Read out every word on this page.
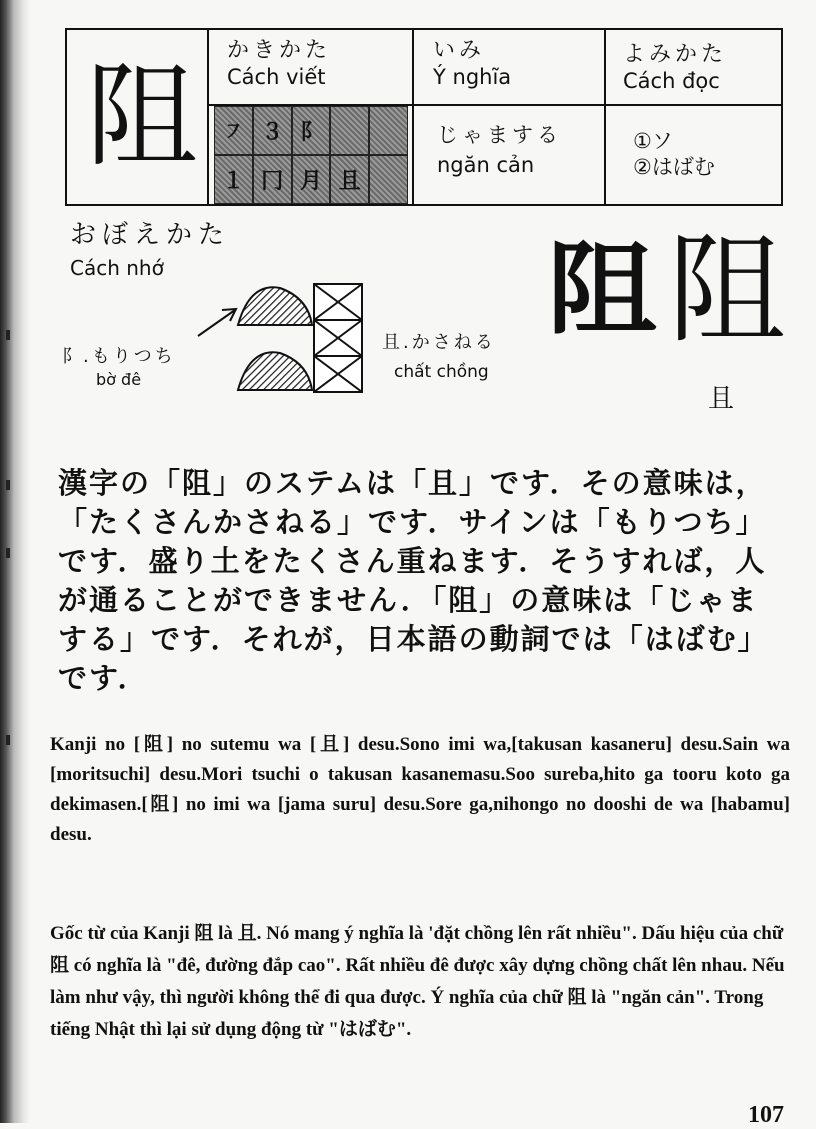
阻
かきかた
Cách viết
いみ
Ý nghĩa
よみかた
Cách đọc
㇇ ３ 阝
１ 冂 月 且
じゃまする
ngăn cản
①ソ
②はばむ
おぼえかた
Cách nhớ
阝.もりつち
bờ đê
且.かさねる
chất chồng
阻 阻
且
漢字の「阻」のステムは「且」です．その意味は，「たくさんかさねる」です．サインは「もりつち」です．盛り土をたくさん重ねます．そうすれば，人が通ることができません．「阻」の意味は「じゃまする」です．それが，日本語の動詞では「はばむ」です．
Kanji no [阻] no sutemu wa [且] desu.Sono imi wa,[takusan kasaneru] desu.Sain wa [moritsuchi] desu.Mori tsuchi o takusan kasanemasu.Soo sureba,hito ga tooru koto ga dekimasen.[阻] no imi wa [jama suru] desu.Sore ga,nihongo no dooshi de wa [habamu] desu.
Gốc từ của Kanji 阻 là 且. Nó mang ý nghĩa là 'đặt chồng lên rất nhiều". Dấu hiệu của chữ 阻 có nghĩa là "đê, đường đắp cao". Rất nhiều đê được xây dựng chồng chất lên nhau. Nếu làm như vậy, thì người không thể đi qua được. Ý nghĩa của chữ 阻 là "ngăn cản". Trong tiếng Nhật thì lại sử dụng động từ "はばむ".
107
